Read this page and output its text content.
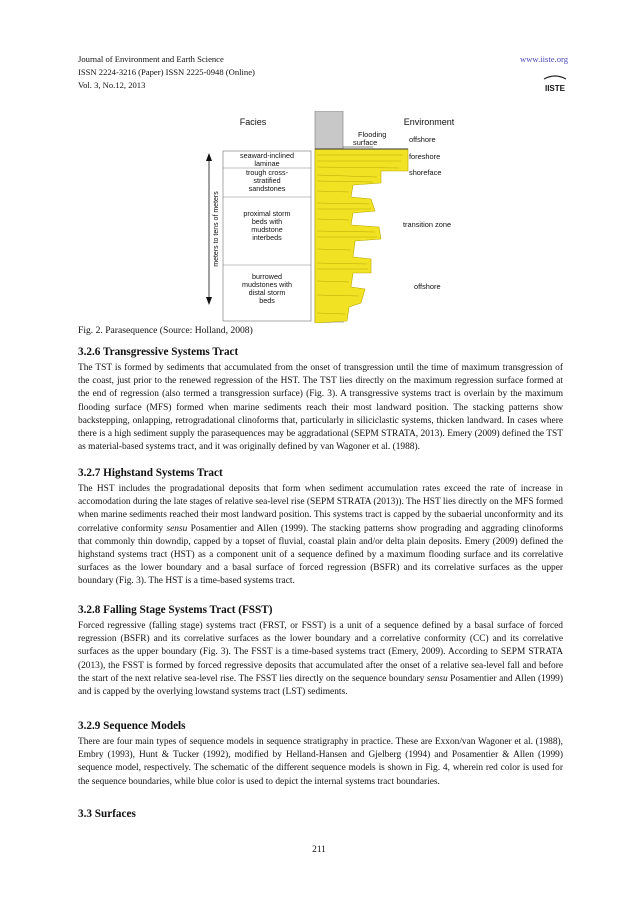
Journal of Environment and Earth Science
ISSN 2224-3216 (Paper) ISSN 2225-0948 (Online)
Vol. 3, No.12, 2013
www.iiste.org
IISTE
Facies	Environment
Flooding
surface
meters to tens of meters
seaward-inclined
laminae
trough cross-
stratified
sandstones
proximal storm
beds with
mudstone
interbeds
burrowed
mudstones with
distal storm
beds
offshore
foreshore
shoreface
transition zone
offshore
Fig. 2. Parasequence (Source: Holland, 2008)
3.2.6 Transgressive Systems Tract

The TST is formed by sediments that accumulated from the onset of transgression until the time of maximum transgression of the coast, just prior to the renewed regression of the HST. The TST lies directly on the maximum regression surface formed at the end of regression (also termed a transgression surface) (Fig. 3). A transgressive systems tract is overlain by the maximum flooding surface (MFS) formed when marine sediments reach their most landward position. The stacking patterns show backstepping, onlapping, retrogradational clinoforms that, particularly in siliciclastic systems, thicken landward. In cases where there is a high sediment supply the parasequences may be aggradational (SEPM STRATA, 2013). Emery (2009) defined the TST as material-based systems tract, and it was originally defined by van Wagoner et al. (1988).

3.2.7 Highstand Systems Tract

The HST includes the progradational deposits that form when sediment accumulation rates exceed the rate of increase in accomodation during the late stages of relative sea-level rise (SEPM STRATA (2013)). The HST lies directly on the MFS formed when marine sediments reached their most landward position. This systems tract is capped by the subaerial unconformity and its correlative conformity sensu Posamentier and Allen (1999). The stacking patterns show prograding and aggrading clinoforms that commonly thin downdip, capped by a topset of fluvial, coastal plain and/or delta plain deposits. Emery (2009) defined the highstand systems tract (HST) as a component unit of a sequence defined by a maximum flooding surface and its correlative surfaces as the lower boundary and a basal surface of forced regression (BSFR) and its correlative surfaces as the upper boundary (Fig. 3). The HST is a time-based systems tract.

3.2.8 Falling Stage Systems Tract (FSST)

Forced regressive (falling stage) systems tract (FRST, or FSST) is a unit of a sequence defined by a basal surface of forced regression (BSFR) and its correlative surfaces as the lower boundary and a correlative conformity (CC) and its correlative surfaces as the upper boundary (Fig. 3). The FSST is a time-based systems tract (Emery, 2009). According to SEPM STRATA (2013), the FSST is formed by forced regressive deposits that accumulated after the onset of a relative sea-level fall and before the start of the next relative sea-level rise. The FSST lies directly on the sequence boundary sensu Posamentier and Allen (1999) and is capped by the overlying lowstand systems tract (LST) sediments.

3.2.9 Sequence Models

There are four main types of sequence models in sequence stratigraphy in practice. These are Exxon/van Wagoner et al. (1988), Embry (1993), Hunt & Tucker (1992), modified by Helland-Hansen and Gjelberg (1994) and Posamentier & Allen (1999) sequence model, respectively. The schematic of the different sequence models is shown in Fig. 4, wherein red color is used for the sequence boundaries, while blue color is used to depict the internal systems tract boundaries.

3.3 Surfaces
211
